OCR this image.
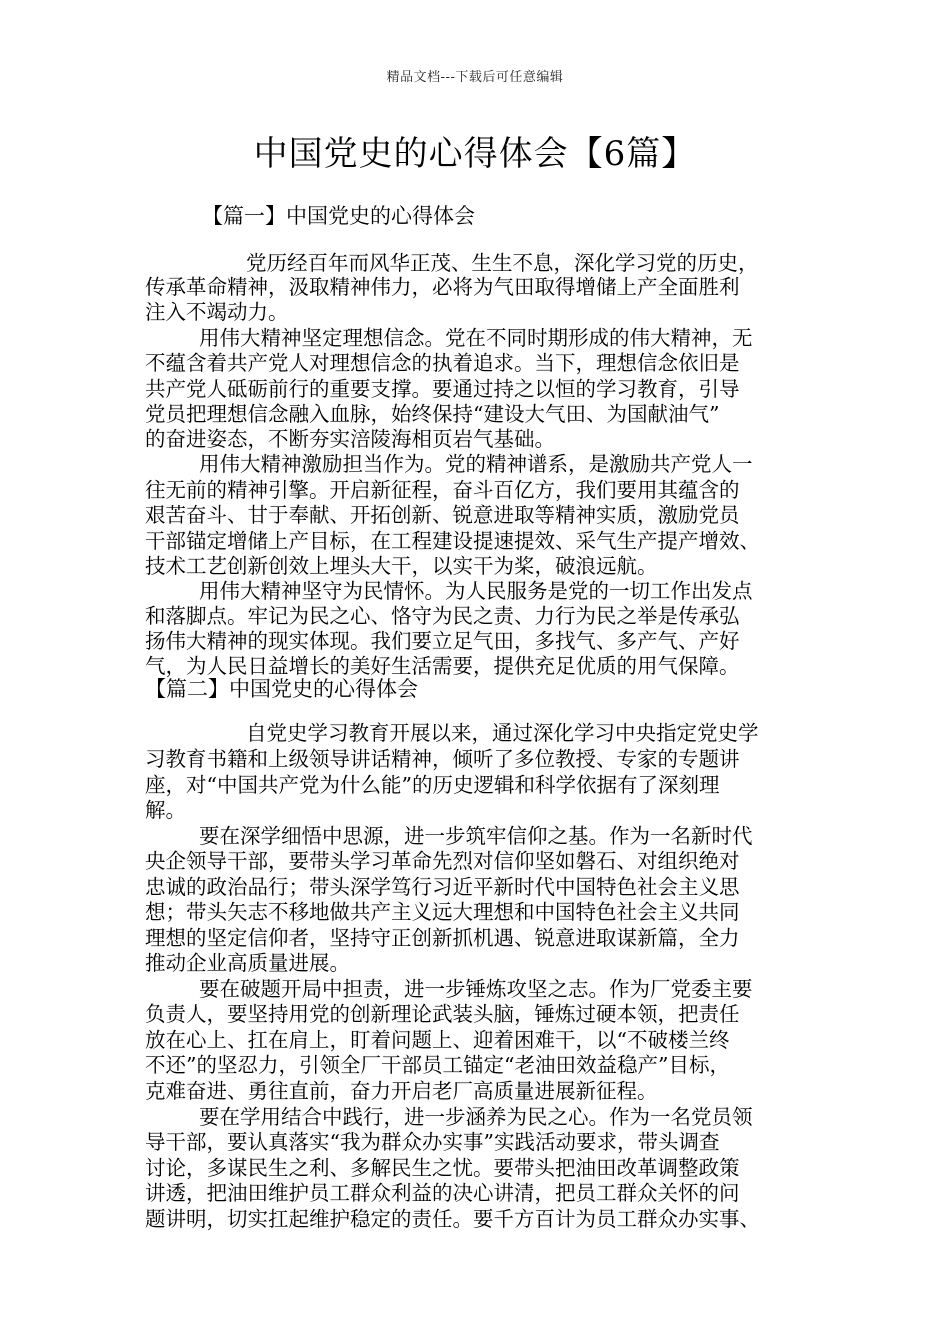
精品文档---下载后可任意编辑
中国党史的心得体会【6篇】
【篇一】中国党史的心得体会
党历经百年而风华正茂、生生不息，深化学习党的历史，
传承革命精神，汲取精神伟力，必将为气田取得增储上产全面胜利
注入不竭动力。
用伟大精神坚定理想信念。党在不同时期形成的伟大精神，无
不蕴含着共产党人对理想信念的执着追求。当下，理想信念依旧是
共产党人砥砺前行的重要支撑。要通过持之以恒的学习教育，引导
党员把理想信念融入血脉，始终保持“建设大气田、为国献油气”
的奋进姿态，不断夯实涪陵海相页岩气基础。
用伟大精神激励担当作为。党的精神谱系，是激励共产党人一
往无前的精神引擎。开启新征程，奋斗百亿方，我们要用其蕴含的
艰苦奋斗、甘于奉献、开拓创新、锐意进取等精神实质，激励党员
干部锚定增储上产目标，在工程建设提速提效、采气生产提产增效、
技术工艺创新创效上埋头大干，以实干为桨，破浪远航。
用伟大精神坚守为民情怀。为人民服务是党的一切工作出发点
和落脚点。牢记为民之心、恪守为民之责、力行为民之举是传承弘
扬伟大精神的现实体现。我们要立足气田，多找气、多产气、产好
气，为人民日益增长的美好生活需要，提供充足优质的用气保障。
【篇二】中国党史的心得体会
自党史学习教育开展以来，通过深化学习中央指定党史学
习教育书籍和上级领导讲话精神，倾听了多位教授、专家的专题讲
座，对“中国共产党为什么能”的历史逻辑和科学依据有了深刻理
解。
要在深学细悟中思源，进一步筑牢信仰之基。作为一名新时代
央企领导干部，要带头学习革命先烈对信仰坚如磐石、对组织绝对
忠诚的政治品行；带头深学笃行习近平新时代中国特色社会主义思
想；带头矢志不移地做共产主义远大理想和中国特色社会主义共同
理想的坚定信仰者，坚持守正创新抓机遇、锐意进取谋新篇，全力
推动企业高质量进展。
要在破题开局中担责，进一步锤炼攻坚之志。作为厂党委主要
负责人，要坚持用党的创新理论武装头脑，锤炼过硬本领，把责任
放在心上、扛在肩上，盯着问题上、迎着困难干，以“不破楼兰终
不还”的坚忍力，引领全厂干部员工锚定“老油田效益稳产”目标，
克难奋进、勇往直前，奋力开启老厂高质量进展新征程。
要在学用结合中践行，进一步涵养为民之心。作为一名党员领
导干部，要认真落实“我为群众办实事”实践活动要求，带头调查
讨论，多谋民生之利、多解民生之忧。要带头把油田改革调整政策
讲透，把油田维护员工群众利益的决心讲清，把员工群众关怀的问
题讲明，切实扛起维护稳定的责任。要千方百计为员工群众办实事、
